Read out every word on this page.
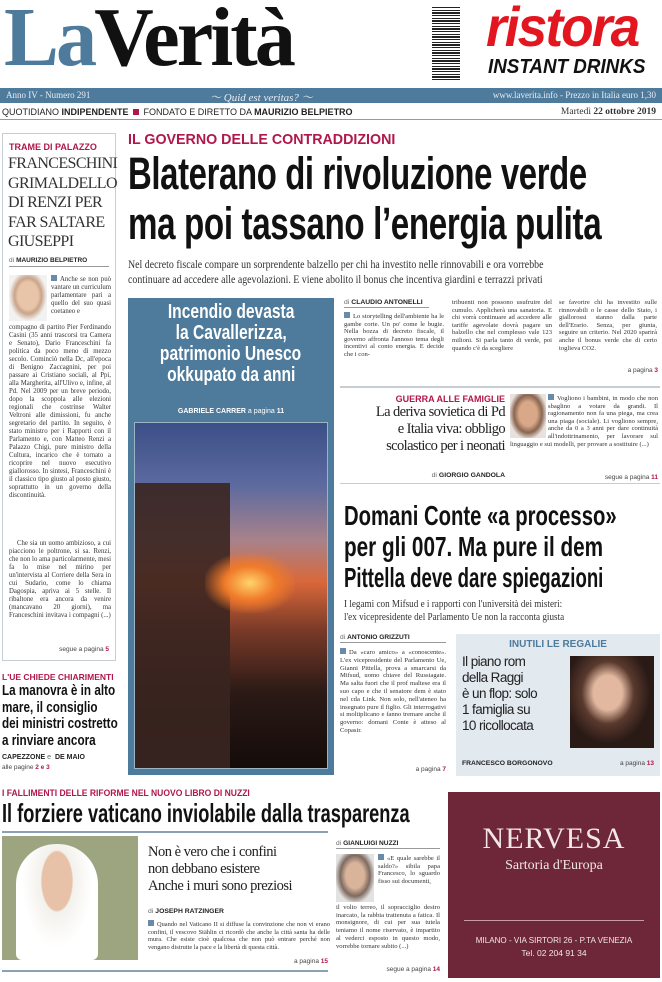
LaVerità	ristora
INSTANT DRINKS
Anno IV - Numero 291	〜 Quid est veritas? 〜	www.laverita.info - Prezzo in Italia euro 1,30
QUOTIDIANO INDIPENDENTE  FONDATO E DIRETTO DA MAURIZIO BELPIETRO	Martedì 22 ottobre 2019
TRAME DI PALAZZO
FRANCESCHINI
GRIMALDELLO
DI RENZI PER
FAR SALTARE
GIUSEPPI
di MAURIZIO BELPIETRO
Anche se non può vantare un curriculum parlamentare pari a quello del suo quasi coetaneo e
compagno di partito Pier Ferdinando Casini (35 anni trascorsi tra Camera e Senato), Dario Franceschini fa politica da poco meno di mezzo secolo. Cominciò nella Dc, all'epoca di Benigno Zaccagnini, per poi passare ai Cristiano sociali, al Ppi, alla Margherita, all'Ulivo e, infine, al Pd. Nel 2009 per un breve periodo, dopo la scoppola alle elezioni regionali che costrinse Walter Veltroni alle dimissioni, fu anche segretario del partito. In seguito, è stato ministro per i Rapporti con il Parlamento e, con Matteo Renzi a Palazzo Chigi, pure ministro della Cultura, incarico che è tornato a ricoprire nel nuovo esecutivo giallorosso. In sintesi, Franceschini è il classico tipo giusto al posto giusto, soprattutto in un governo della discontinuità.
Che sia un uomo ambizioso, a cui piacciono le poltrone, si sa. Renzi, che non lo ama particolarmente, mesi fa lo mise nel mirino per un'intervista al Corriere della Sera in cui Sudario, come lo chiama Dagospia, apriva ai 5 stelle. Il ribaltone era ancora da venire (mancavano 20 giorni), ma Franceschini invitava i compagni (...)
segue a pagina 5
L'UE CHIEDE CHIARIMENTI
La manovra è in alto
mare, il consiglio
dei ministri costretto
a rinviare ancora
CAPEZZONE e DE MAIO
alle pagine 2 e 3
IL GOVERNO DELLE CONTRADDIZIONI
Blaterano di rivoluzione verde
ma poi tassano l’energia pulita
Nel decreto fiscale compare un sorprendente balzello per chi ha investito nelle rinnovabili e ora vorrebbe
continuare ad accedere alle agevolazioni. E viene abolito il bonus che incentiva giardini e terrazzi privati
Incendio devasta
la Cavallerizza,
patrimonio Unesco
okkupato da anni
GABRIELE CARRER a pagina 11
di CLAUDIO ANTONELLI
Lo storytelling dell'ambiente ha le gambe corte. Un po' come le bugie. Nella bozza di decreto fiscale, il governo affronta l'annoso tema degli incentivi al conto energia. E decide che i con-
tribuenti non possono usufruire del cumulo. Applicherà una sanatoria. E chi vorrà continuare ad accedere alle tariffe agevolate dovrà pagare un balzello che nel complesso vale 123 milioni. Si parla tanto di verde, poi quando c'è da scegliere
se favorire chi ha investito sulle rinnovabili o le casse dello Stato, i giallorossi stanno dalla parte dell'Erario. Senza, per giunta, seguire un criterio. Nel 2020 sparirà anche il bonus verde che di certo toglieva CO2.
a pagina 3
GUERRA ALLE FAMIGLIE
La deriva sovietica di Pd
e Italia viva: obbligo
scolastico per i neonati
di GIORGIO GANDOLA
Vogliono i bambini, in modo che non sbaglino a votare da grandi. Il ragionamento non fa una piega, ma crea una piaga (sociale). Li vogliono sempre, anche da 0 a 3 anni per dare continuità all'indottrinamento, per lavorare sul linguaggio e sui modelli, per provare a sostituire (...)
segue a pagina 11
Domani Conte «a processo»
per gli 007. Ma pure il dem
Pittella deve dare spiegazioni
I legami con Mifsud e i rapporti con l'università dei misteri:
l'ex vicepresidente del Parlamento Ue non la racconta giusta
di ANTONIO GRIZZUTI
Da «caro amico» a «conoscente». L'ex vicepresidente del Parlamento Ue, Gianni Pittella, prova a smarcarsi da Mifsud, uomo chiave del Russiagate. Ma salta fuori che il prof maltese era il suo capo e che il senatore dem è stato nel cda Link. Non solo, nell'ateneo ha insegnato pure il figlio. Gli interrogativi si moltiplicano e fanno tremare anche il governo: domani Conte è atteso al Copasir.
a pagina 7
INUTILI LE REGALIE
Il piano rom
della Raggi
è un flop: solo
1 famiglia su
10 ricollocata
FRANCESCO BORGONOVO	a pagina 13
I FALLIMENTI DELLE RIFORME NEL NUOVO LIBRO DI NUZZI
Il forziere vaticano inviolabile dalla trasparenza
Non è vero che i confini
non debbano esistere
Anche i muri sono preziosi
di JOSEPH RATZINGER
Quando nel Vaticano II si diffuse la convinzione che non vi erano confini, il vescovo Stählin ci ricordò che anche la città santa ha delle mura. Che esiste cioè qualcosa che non può entrare perché non vengano distrutte la pace e la libertà di questa città.
a pagina 15
di GIANLUIGI NUZZI
«E quale sarebbe il saldo?» sibila papa Francesco, lo sguardo fisso sui documenti,
il volto terreo, il sopracciglio destro inarcato, la rabbia trattenuta a fatica. Il monsignore, di cui per sua tutela teniamo il nome riservato, è impartito al vederci esposto in questo modo, vorrebbe tornare subito (...)
segue a pagina 14
NERVESA
Sartoria d'Europa
MILANO - VIA SIRTORI 26 - P.TA VENEZIA
Tel. 02 204 91 34
